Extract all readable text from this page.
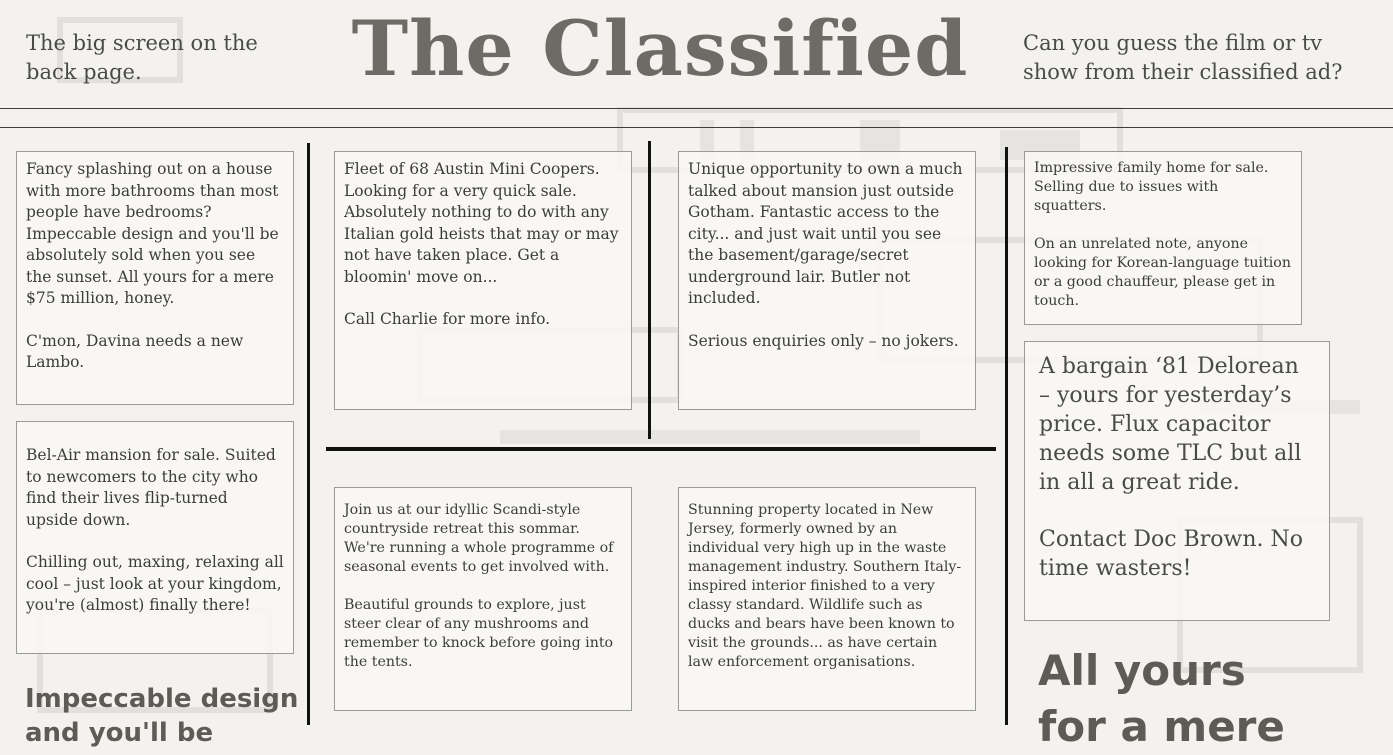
The big screen on the back page.	The Classified	Can you guess the film or tv show from their classified ad?

Fancy splashing out on a house with more bathrooms than most people have bedrooms? Impeccable design and you'll be absolutely sold when you see the sunset. All yours for a mere $75 million, honey.

C'mon, Davina needs a new Lambo.

Bel-Air mansion for sale. Suited to newcomers to the city who find their lives flip-turned upside down.

Chilling out, maxing, relaxing all cool – just look at your kingdom, you're (almost) finally there!

Fleet of 68 Austin Mini Coopers. Looking for a very quick sale. Absolutely nothing to do with any Italian gold heists that may or may not have taken place. Get a bloomin' move on...

Call Charlie for more info.

Unique opportunity to own a much talked about mansion just outside Gotham. Fantastic access to the city... and just wait until you see the basement/garage/secret underground lair. Butler not included.

Serious enquiries only – no jokers.

Join us at our idyllic Scandi-style countryside retreat this sommar. We're running a whole programme of seasonal events to get involved with.

Beautiful grounds to explore, just steer clear of any mushrooms and remember to knock before going into the tents.

Stunning property located in New Jersey, formerly owned by an individual very high up in the waste management industry. Southern Italy-inspired interior finished to a very classy standard. Wildlife such as ducks and bears have been known to visit the grounds... as have certain law enforcement organisations.

Impressive family home for sale. Selling due to issues with squatters.

On an unrelated note, anyone looking for Korean-language tuition or a good chauffeur, please get in touch.

A bargain ‘81 Delorean – yours for yesterday’s price. Flux capacitor needs some TLC but all in all a great ride.

Contact Doc Brown. No time wasters!

Impeccable design
and you'll be
All yours
for a mere
